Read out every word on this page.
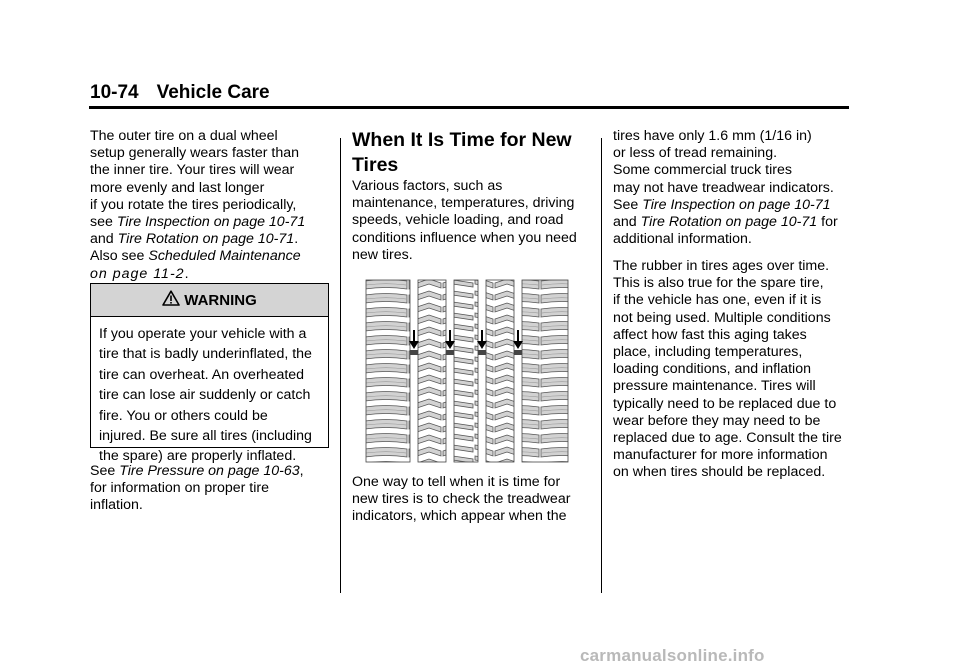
10-74 Vehicle Care

The outer tire on a dual wheel

setup generally wears faster than

the inner tire. Your tires will wear

more evenly and last longer

if you rotate the tires periodically,

see Tire Inspection on page 10-71

and Tire Rotation on page 10-71.

Also see Scheduled Maintenance

on page 11-2.

WARNING
If you operate your vehicle with a
tire that is badly underinflated, the
tire can overheat. An overheated
tire can lose air suddenly or catch
fire. You or others could be
injured. Be sure all tires (including
the spare) are properly inflated.

See Tire Pressure on page 10-63,

for information on proper tire

inflation.

When It Is Time for New
Tires

Various factors, such as

maintenance, temperatures, driving

speeds, vehicle loading, and road

conditions influence when you need

new tires.

One way to tell when it is time for

new tires is to check the treadwear

indicators, which appear when the

tires have only 1.6 mm (1/16 in)

or less of tread remaining.

Some commercial truck tires

may not have treadwear indicators.

See Tire Inspection on page 10-71

and Tire Rotation on page 10-71 for

additional information.

The rubber in tires ages over time.

This is also true for the spare tire,

if the vehicle has one, even if it is

not being used. Multiple conditions

affect how fast this aging takes

place, including temperatures,

loading conditions, and inflation

pressure maintenance. Tires will

typically need to be replaced due to

wear before they may need to be

replaced due to age. Consult the tire

manufacturer for more information

on when tires should be replaced.

carmanualsonline.info
